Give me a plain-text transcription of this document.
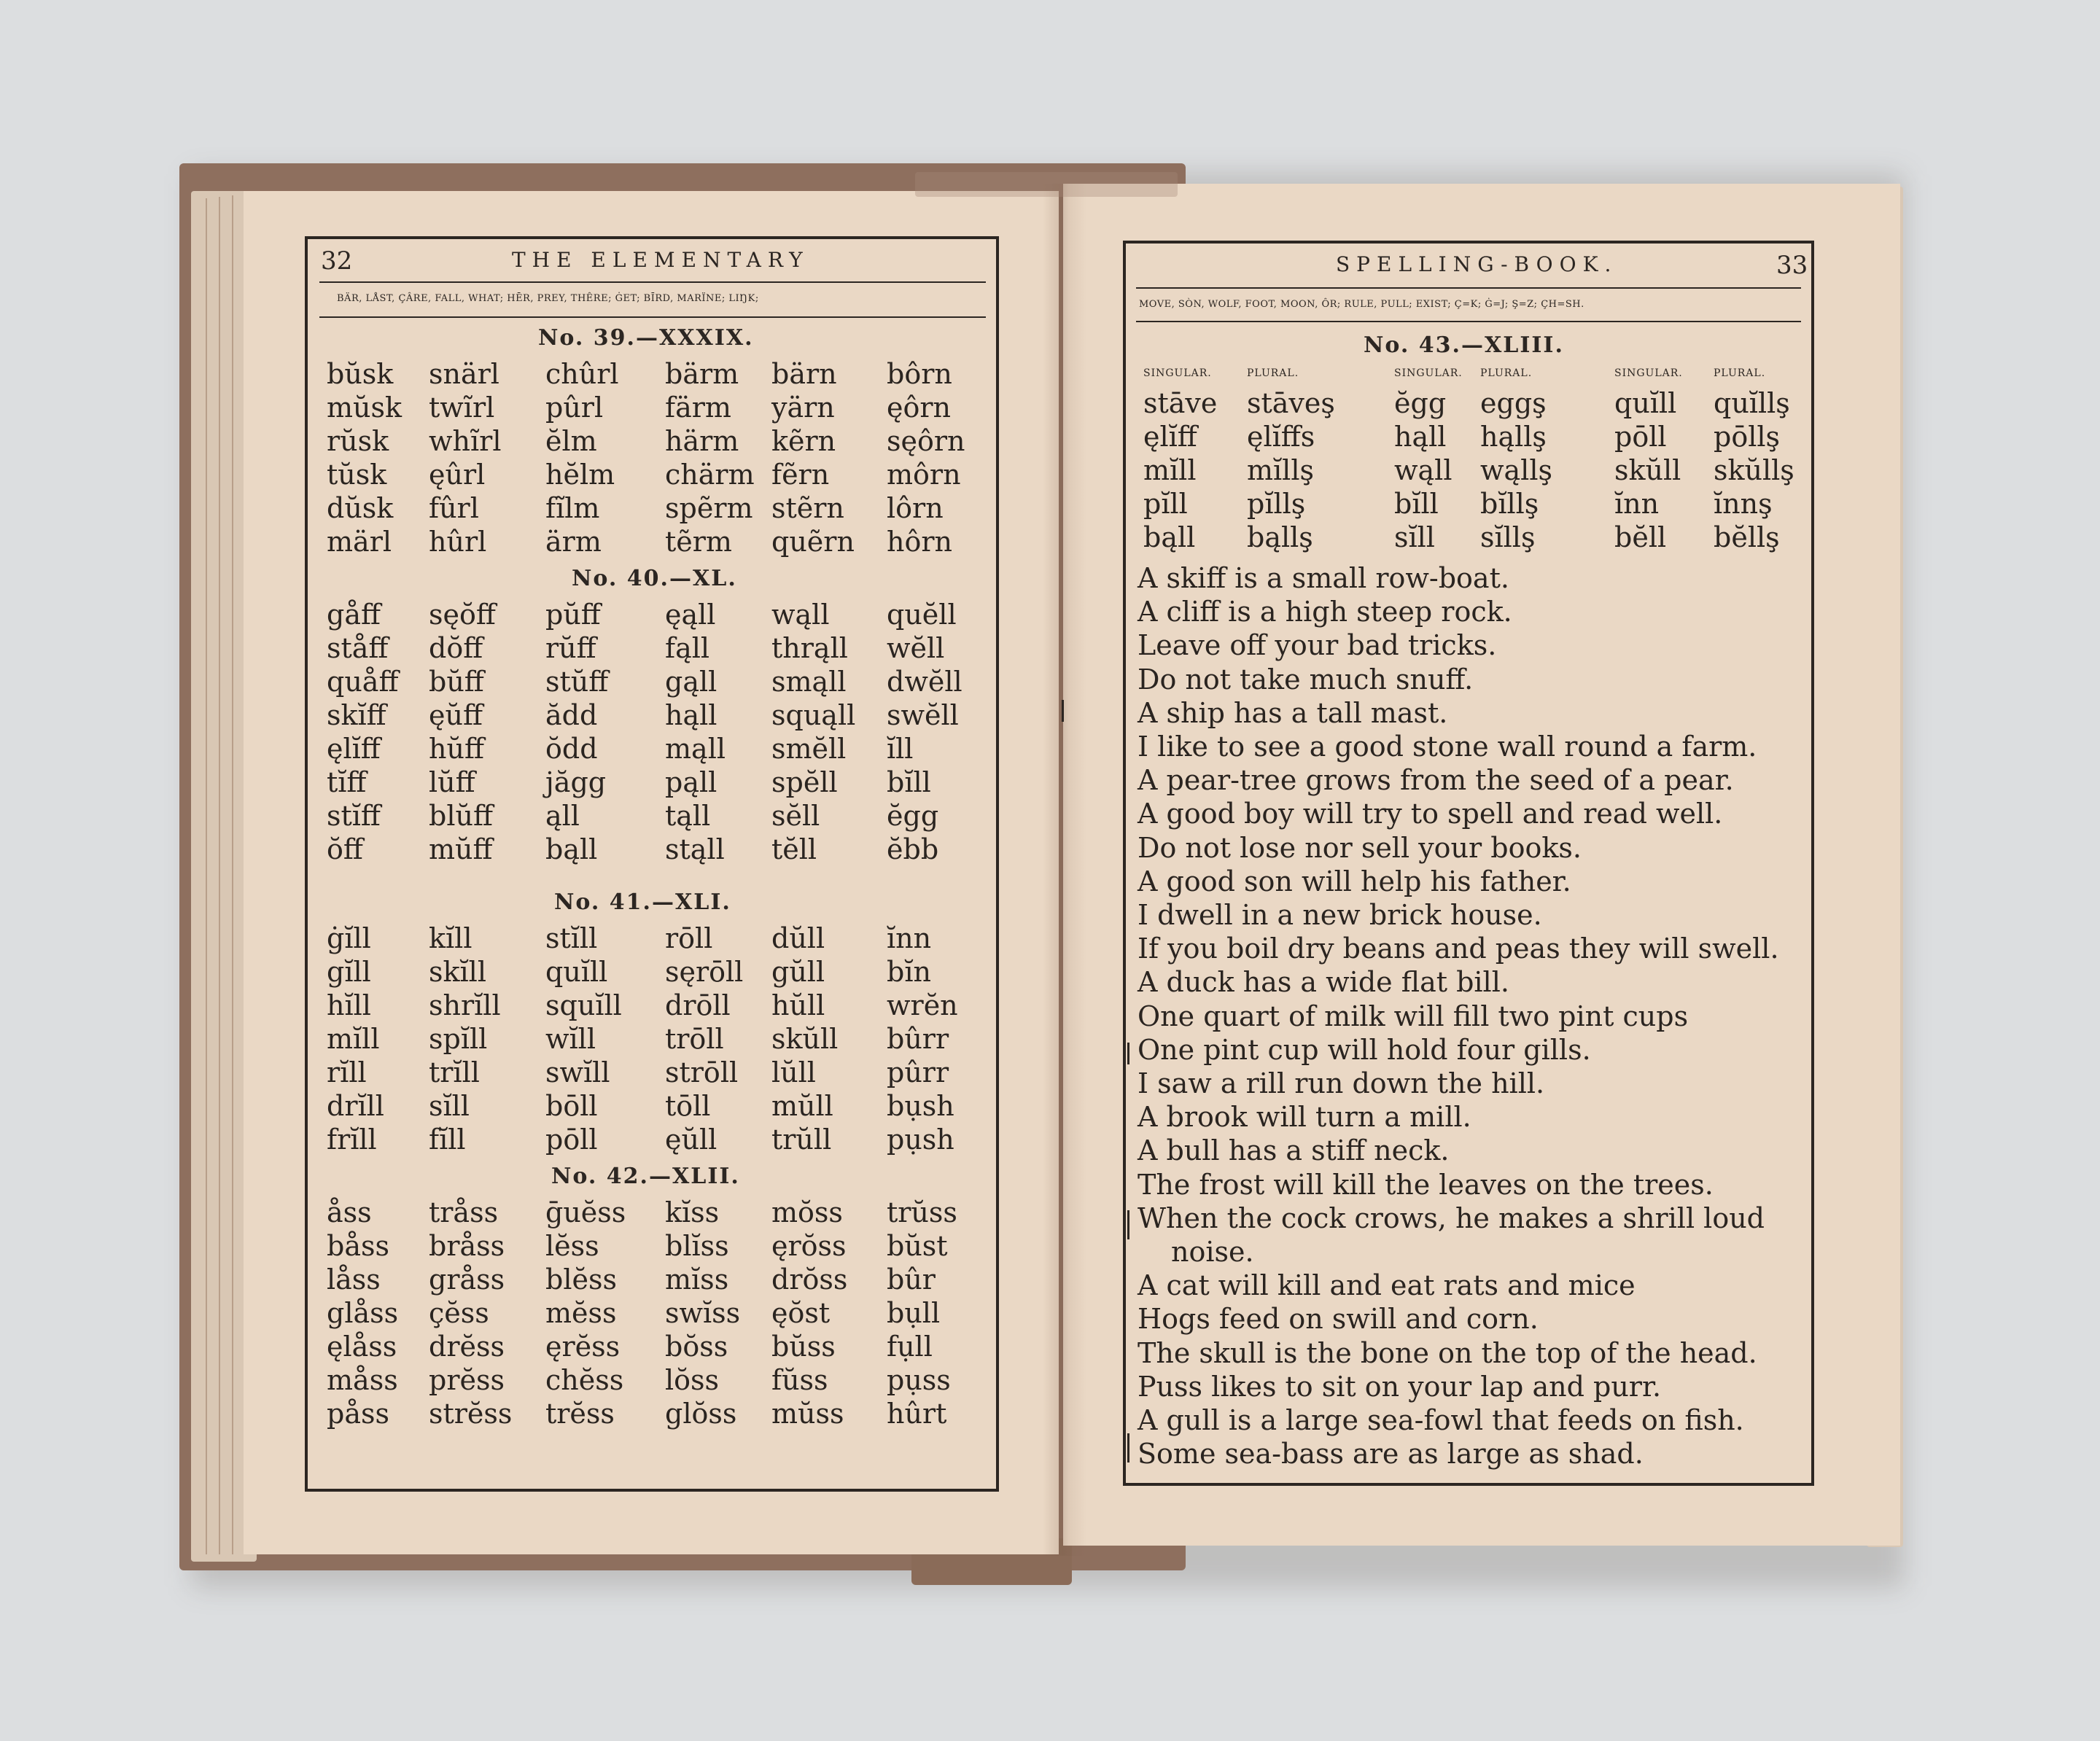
32	THE ELEMENTARY
BÄR, LÅST, ÇÂRE, FALL, WHAT; HĒR, PREY, THÊRE; ĠET; BĪRD, MARÏNE; LIŊK;
No. 39.—XXXIX.
bŭsk snärl chûrl bärm bärn bôrn
mŭsk twĩrl pûrl färm yärn ęôrn
rŭsk whĩrl ĕlm härm kẽrn sęôrn
tŭsk ęûrl hĕlm chärm fẽrn môrn
dŭsk fûrl fĩlm spẽrm stẽrn lôrn
märl hûrl ärm tẽrm quẽrn hôrn
No. 40.—XL.
gåff sęŏff pŭff ęąll wąll quĕll
ståff dŏff rŭff fąll thrąll wĕll
quåff bŭff stŭff gąll smąll dwĕll
skĭff ęŭff ădd hąll squąll swĕll
ęlĭff hŭff ŏdd mąll smĕll ĭll
tĭff lŭff	jăgg pąll spĕll bĭll
stĭff blŭff ąll	tąll sĕll ĕgg
ŏff mŭff bąll stąll tĕll	ĕbb
No. 41.—XLI.
ġĭll kĭll	stĭll rōll dŭll ĭnn
gĭll skĭll quĭll sęrōll gŭll bĭn
hĭll shrĭll squĭll drōll hŭll wrĕn
mĭll spĭll wĭll	trōll skŭll bûrr
rĭll trĭll swĭll strōll lŭll	pûrr
drĭll sĭll	bōll tōll mŭll bụsh
frĭll fĭll	pōll ęŭll trŭll pụsh
No. 42.—XLII.
åss tråss ḡuĕss kĭss mŏss trŭss
båss bråss lĕss blĭss ęrŏss bŭst
låss gråss blĕss mĭss drŏss bûr
glåss çĕss mĕss swĭss ęŏst bụll
ęlåss drĕss ęrĕss bŏss bŭss fụll
måss prĕss chĕss lŏss fŭss pụss
påss strĕss trĕss glŏss mŭss hûrt
SPELLING-BOOK.	33
MOVE, SÒN, WOLF, FOOT, MOON, ÔR; RULE, PULL; EXIST; Ç=K; Ġ=J; Ş=Z; ÇH=SH.
No. 43.—XLIII.
SINGULAR.	PLURAL.	SINGULAR. PLURAL.	SINGULAR.	PLURAL.
stāve stāveş ĕgg eggş quĭll quĭllş
ęlĭff ęlĭffs	hąll hąllş pōll pōllş
mĭll mĭllş	wąll wąllş skŭll skŭllş
pĭll pĭllş	bĭll bĭllş	ĭnn ĭnnş
bąll bąllş	sĭll sĭllş	bĕll bĕllş
A skiff is a small row-boat.
A cliff is a high steep rock.
Leave off your bad tricks.
Do not take much snuff.
A ship has a tall mast.
I like to see a good stone wall round a farm.
A pear-tree grows from the seed of a pear.
A good boy will try to spell and read well.
Do not lose nor sell your books.
A good son will help his father.
I dwell in a new brick house.
If you boil dry beans and peas they will swell.
A duck has a wide flat bill.
One quart of milk will fill two pint cups
One pint cup will hold four gills.
I saw a rill run down the hill.
A brook will turn a mill.
A bull has a stiff neck.
The frost will kill the leaves on the trees.
When the cock crows, he makes a shrill loud
noise.
A cat will kill and eat rats and mice
Hogs feed on swill and corn.
The skull is the bone on the top of the head.
Puss likes to sit on your lap and purr.
A gull is a large sea-fowl that feeds on fish.
Some sea-bass are as large as shad.
